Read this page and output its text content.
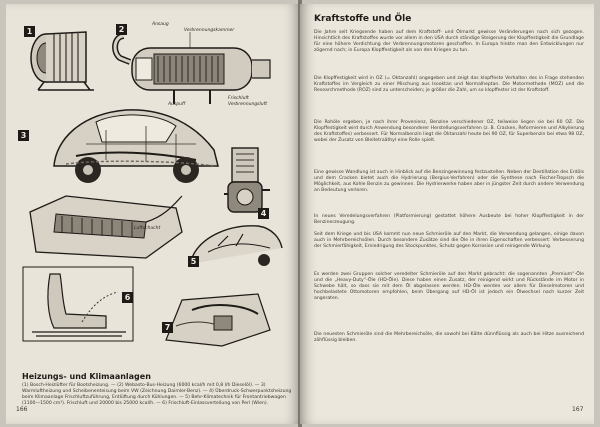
1	2
Ansaug
Verbrennungskammer
Auspuff
Frischluft
Verbrennungsluft
3
4
Luftschacht
5
6
7
Heizungs- und Klimaanlagen
(1) Bosch-Heizlüfter für Bootsheizung. — (2) Webasto-Bus-Heizung (6000 kcal/h mit 0,8 l/h Dieselöl). — 3) Warmluftheizung und Scheibenenteisung beim VW (Zeichnung Daimler-Benz). — 4) Überdruck-Schwerpunktsheizung beim Klimaanlage Frischluftzuführung, Entlüftung durch Kühlungen. — 5) Behr-Klimatechnik für Frontantriebwagen (1100—1500 cm³). Frischluft und 20000 bis 25000 kcal/h. — 6) Frischluft-Einlassverteilung von Perl (Wien).
166
Kraftstoffe und Öle
Die Jahre seit Kriegsende haben auf dem Kraftstoff- und Ölmarkt gewisse Veränderungen nach sich gezogen. Hinsichtlich des Kraftstoffes wurde vor allem in den USA durch ständige Steigerung der Klopffestigkeit die Grundlage für eine höhere Verdichtung der Verbrennungsmotoren geschaffen. In Europa hinkte man den Entwicklungen nur zögernd nach; in Europa Klopffestigkeit als von den Kriegen zu tun.
Die Klopffestigkeit wird in OZ (= Oktanzahl) angegeben und zeigt das klopffeste Verhalten des in Frage stehenden Kraftstoffes im Vergleich zu einer Mischung aus Isooktan und Normalheptan. Die Motormethode (MOZ) und die Researchmethode (ROZ) sind zu unterscheiden; je größer die Zahl, um so klopffester ist der Kraftstoff.
Die Rohöle ergeben, je nach ihrer Provenienz, Benzine verschiedener OZ, teilweise liegen sie bei 60 OZ. Die Klopffestigkeit wird durch Anwendung besonderer Herstellungsverfahren (z. B. Cracken, Reformieren und Alkylierung des Kraftstoffes) verbessert. Für Normalbenzin liegt die Oktanzahl heute bei 90 OZ, für Superbenzin bei etwa 98 OZ, wobei der Zusatz von Bleitetraäthyl eine Rolle spielt.
Eine gewisse Wandlung ist auch in Hinblick auf die Benzingewinnung festzustellen. Neben der Destillation des Erdöls und dem Cracken bietet auch die Hydrierung (Bergius-Verfahren) oder die Synthese nach Fischer-Tropsch die Möglichkeit, aus Kohle Benzin zu gewinnen. Die Hydrierwerke haben aber in jüngster Zeit durch andere Verwendung an Bedeutung verloren.
In neues Veredelungsverfahren (Platformierung) gestattet höhere Ausbeute bei hoher Klopffestigkeit in der Benzinerzeugung.
Seit dem Kriege und bis USA kommt nun neue Schmieröle auf den Markt, die Verwendung gelangen, einige davon auch in Mehrbereichsölen. Durch besondere Zusätze sind die Öle in ihren Eigenschaften verbessert: Verbesserung der Schmierfähigkeit, Erniedrigung des Stockpunktes, Schutz gegen Korrosion und reinigende Wirkung.
Es werden zwei Gruppen solcher veredelter Schmieröle auf den Markt gebracht: die sogenannten „Premium“-Öle und die „Heavy-Duty“-Öle (HD-Öle). Diese haben einen Zusatz, der reinigend wirkt und Rückstände im Motor in Schwebe hält, so dass sie mit dem Öl abgelassen werden. HD-Öle werden vor allem für Dieselmotoren und hochbelastete Ottomotoren empfohlen, beim Übergang auf HD-Öl ist jedoch ein Ölwechsel nach kurzer Zeit angeraten.
Die neuesten Schmieröle sind die Mehrbereichsöle, die sowohl bei Kälte dünnflüssig als auch bei Hitze ausreichend zähflüssig bleiben.
167
